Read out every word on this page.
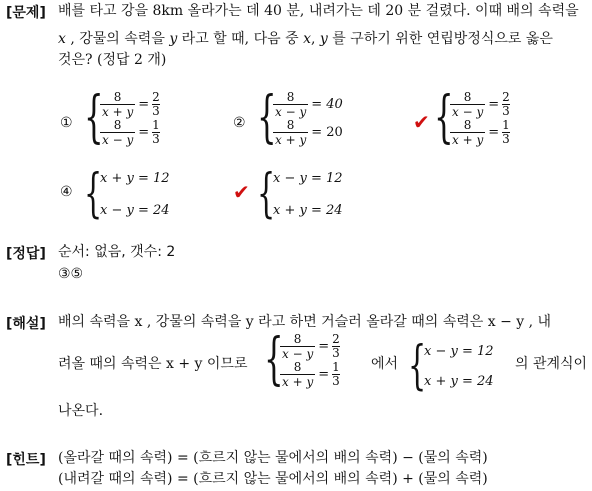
[문제] 배를 타고 강을 8km 올라가는 데 40 분, 내려가는 데 20 분 걸렸다. 이때 배의 속력을
x , 강물의 속력을 y 라고 할 때, 다음 중 x, y 를 구하기 위한 연립방정식으로 옳은
것은? (정답 2 개)
① {
$\frac{8}{x + y} = \frac{2}{3}$
$\frac{8}{x - y} = \frac{1}{3}$	② {
$\frac{8}{x - y} = 40$
$\frac{8}{x + y} = 20$	✔ {
$\frac{8}{x - y} = \frac{2}{3}$
$\frac{8}{x + y} = \frac{1}{3}$
④ {
x + y = 12
x − y = 24
✔ {
x − y = 12
x + y = 24
[정답] 순서: 없음, 갯수: 2
③⑤
[해설] 배의 속력을 x , 강물의 속력을 y 라고 하면 거슬러 올라갈 때의 속력은 x − y , 내
려올 때의 속력은 x + y 이므로 {
$\frac{8}{x - y} = \frac{2}{3}$
$\frac{8}{x + y} = \frac{1}{3}$ 에서 {
x − y = 12
x + y = 24
의 관계식이
나온다.
[힌트] (올라갈 때의 속력) = (흐르지 않는 물에서의 배의 속력) − (물의 속력)
(내려갈 때의 속력) = (흐르지 않는 물에서의 배의 속력) + (물의 속력)
